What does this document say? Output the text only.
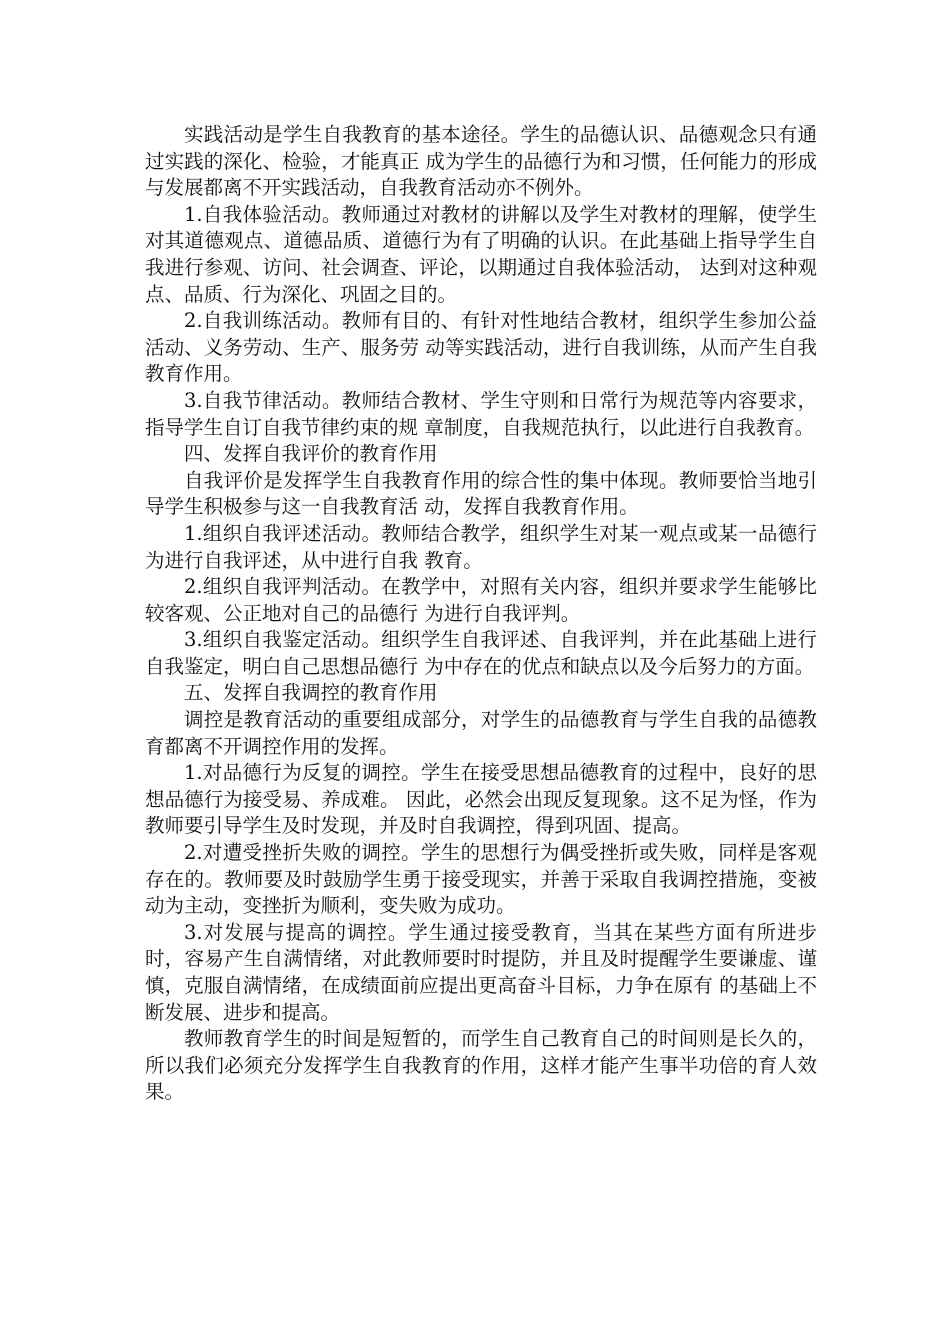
实践活动是学生自我教育的基本途径。学生的品德认识、品德观念只有通过实践的深化、检验，才能真正 成为学生的品德行为和习惯，任何能力的形成与发展都离不开实践活动，自我教育活动亦不例外。

1.自我体验活动。教师通过对教材的讲解以及学生对教材的理解，使学生对其道德观点、道德品质、道德行为有了明确的认识。在此基础上指导学生自我进行参观、访问、社会调查、评论，以期通过自我体验活动， 达到对这种观点、品质、行为深化、巩固之目的。

2.自我训练活动。教师有目的、有针对性地结合教材，组织学生参加公益活动、义务劳动、生产、服务劳 动等实践活动，进行自我训练，从而产生自我教育作用。

3.自我节律活动。教师结合教材、学生守则和日常行为规范等内容要求，指导学生自订自我节律约束的规 章制度，自我规范执行，以此进行自我教育。

四、发挥自我评价的教育作用

自我评价是发挥学生自我教育作用的综合性的集中体现。教师要恰当地引导学生积极参与这一自我教育活 动，发挥自我教育作用。

1.组织自我评述活动。教师结合教学，组织学生对某一观点或某一品德行为进行自我评述，从中进行自我 教育。

2.组织自我评判活动。在教学中，对照有关内容，组织并要求学生能够比较客观、公正地对自己的品德行 为进行自我评判。

3.组织自我鉴定活动。组织学生自我评述、自我评判，并在此基础上进行自我鉴定，明白自己思想品德行 为中存在的优点和缺点以及今后努力的方面。

五、发挥自我调控的教育作用

调控是教育活动的重要组成部分，对学生的品德教育与学生自我的品德教育都离不开调控作用的发挥。

1.对品德行为反复的调控。学生在接受思想品德教育的过程中，良好的思想品德行为接受易、养成难。 因此，必然会出现反复现象。这不足为怪，作为教师要引导学生及时发现，并及时自我调控，得到巩固、提高。

2.对遭受挫折失败的调控。学生的思想行为偶受挫折或失败，同样是客观存在的。教师要及时鼓励学生勇于接受现实，并善于采取自我调控措施，变被动为主动，变挫折为顺利，变失败为成功。

3.对发展与提高的调控。学生通过接受教育，当其在某些方面有所进步时，容易产生自满情绪，对此教师要时时提防，并且及时提醒学生要谦虚、谨慎，克服自满情绪，在成绩面前应提出更高奋斗目标，力争在原有 的基础上不断发展、进步和提高。

教师教育学生的时间是短暂的，而学生自己教育自己的时间则是长久的，所以我们必须充分发挥学生自我教育的作用，这样才能产生事半功倍的育人效果。
